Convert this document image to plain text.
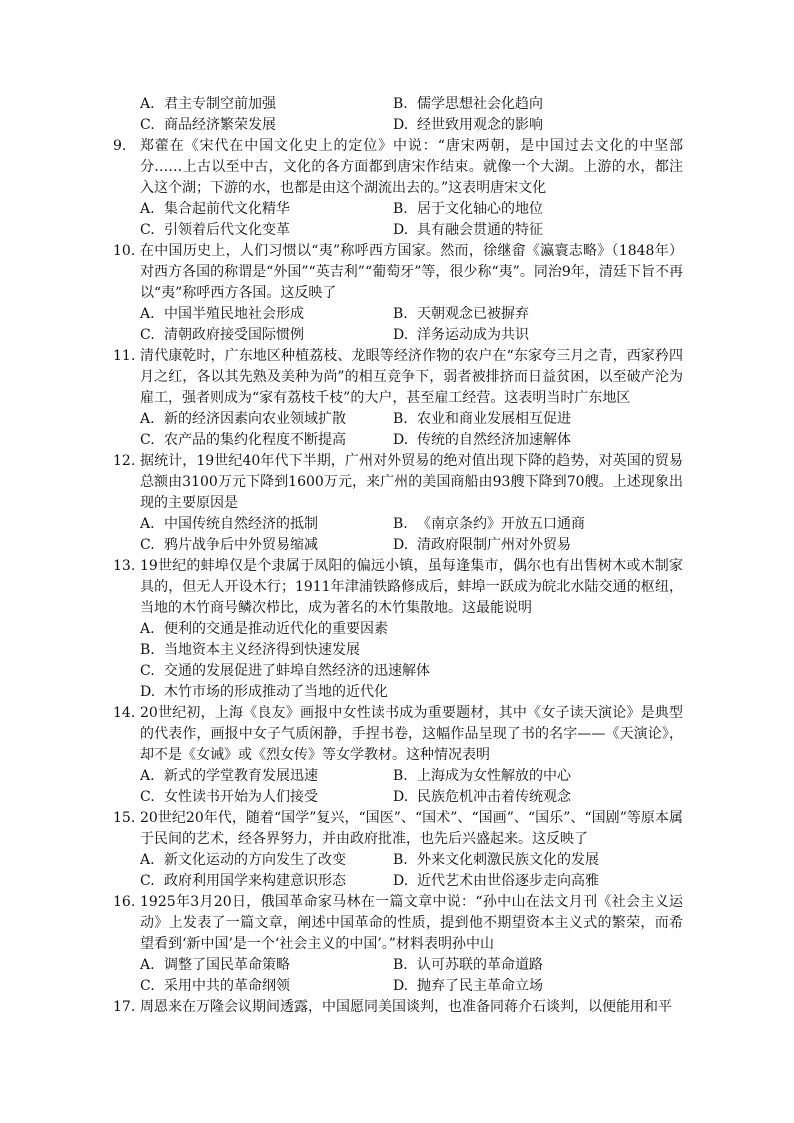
A. 君主专制空前加强	B. 儒学思想社会化趋向
C. 商品经济繁荣发展	D. 经世致用观念的影响
9. 郑藿在《宋代在中国文化史上的定位》中说：“唐宋两朝，是中国过去文化的中坚部分……上古以至中古，文化的各方面都到唐宋作结束。就像一个大湖。上游的水，都注入这个湖；下游的水，也都是由这个湖流出去的。”这表明唐宋文化
A. 集合起前代文化精华	B. 居于文化轴心的地位
C. 引领着后代文化变革	D. 具有融会贯通的特征
10. 在中国历史上，人们习惯以“夷”称呼西方国家。然而，徐继畲《瀛寰志略》（1848年）对西方各国的称谓是“外国”“英吉利”“葡萄牙”等，很少称“夷”。同治9年，清廷下旨不再以“夷”称呼西方各国。这反映了
A. 中国半殖民地社会形成	B. 天朝观念已被摒弃
C. 清朝政府接受国际惯例	D. 洋务运动成为共识
11. 清代康乾时，广东地区种植荔枝、龙眼等经济作物的农户在“东家夸三月之青，西家矜四月之红，各以其先熟及美种为尚”的相互竞争下，弱者被排挤而日益贫困，以至破产沦为雇工，强者则成为“家有荔枝千枝”的大户，甚至雇工经营。这表明当时广东地区
A. 新的经济因素向农业领域扩散	B. 农业和商业发展相互促进
C. 农产品的集约化程度不断提高	D. 传统的自然经济加速解体
12. 据统计，19世纪40年代下半期，广州对外贸易的绝对值出现下降的趋势，对英国的贸易总额由3100万元下降到1600万元，来广州的美国商船由93艘下降到70艘。上述现象出现的主要原因是
A. 中国传统自然经济的抵制	B. 《南京条约》开放五口通商
C. 鸦片战争后中外贸易缩减	D. 清政府限制广州对外贸易
13. 19世纪的蚌埠仅是个隶属于凤阳的偏远小镇，虽每逢集市，偶尔也有出售树木或木制家具的，但无人开设木行；1911年津浦铁路修成后，蚌埠一跃成为皖北水陆交通的枢纽，当地的木竹商号鳞次栉比，成为著名的木竹集散地。这最能说明
A. 便利的交通是推动近代化的重要因素
B. 当地资本主义经济得到快速发展
C. 交通的发展促进了蚌埠自然经济的迅速解体
D. 木竹市场的形成推动了当地的近代化
14. 20世纪初，上海《良友》画报中女性读书成为重要题材，其中《女子读天演论》是典型的代表作，画报中女子气质闲静，手捏书卷，这幅作品呈现了书的名字——《天演论》，却不是《女诫》或《烈女传》等女学教材。这种情况表明
A. 新式的学堂教育发展迅速	B. 上海成为女性解放的中心
C. 女性读书开始为人们接受	D. 民族危机冲击着传统观念
15. 20世纪20年代，随着“国学”复兴，“国医”、“国术”、“国画”、“国乐”、“国剧”等原本属于民间的艺术，经各界努力，并由政府批准，也先后兴盛起来。这反映了
A. 新文化运动的方向发生了改变	B. 外来文化刺激民族文化的发展
C. 政府利用国学来构建意识形态	D. 近代艺术由世俗逐步走向高雅
16. 1925年3月20日，俄国革命家马林在一篇文章中说：“孙中山在法文月刊《社会主义运动》上发表了一篇文章，阐述中国革命的性质，提到他不期望资本主义式的繁荣，而希望看到‘新中国’是一个‘社会主义的中国’。”材料表明孙中山
A. 调整了国民革命策略	B. 认可苏联的革命道路
C. 采用中共的革命纲领	D. 抛弃了民主革命立场
17. 周恩来在万隆会议期间透露，中国愿同美国谈判，也准备同蒋介石谈判，以便能用和平
